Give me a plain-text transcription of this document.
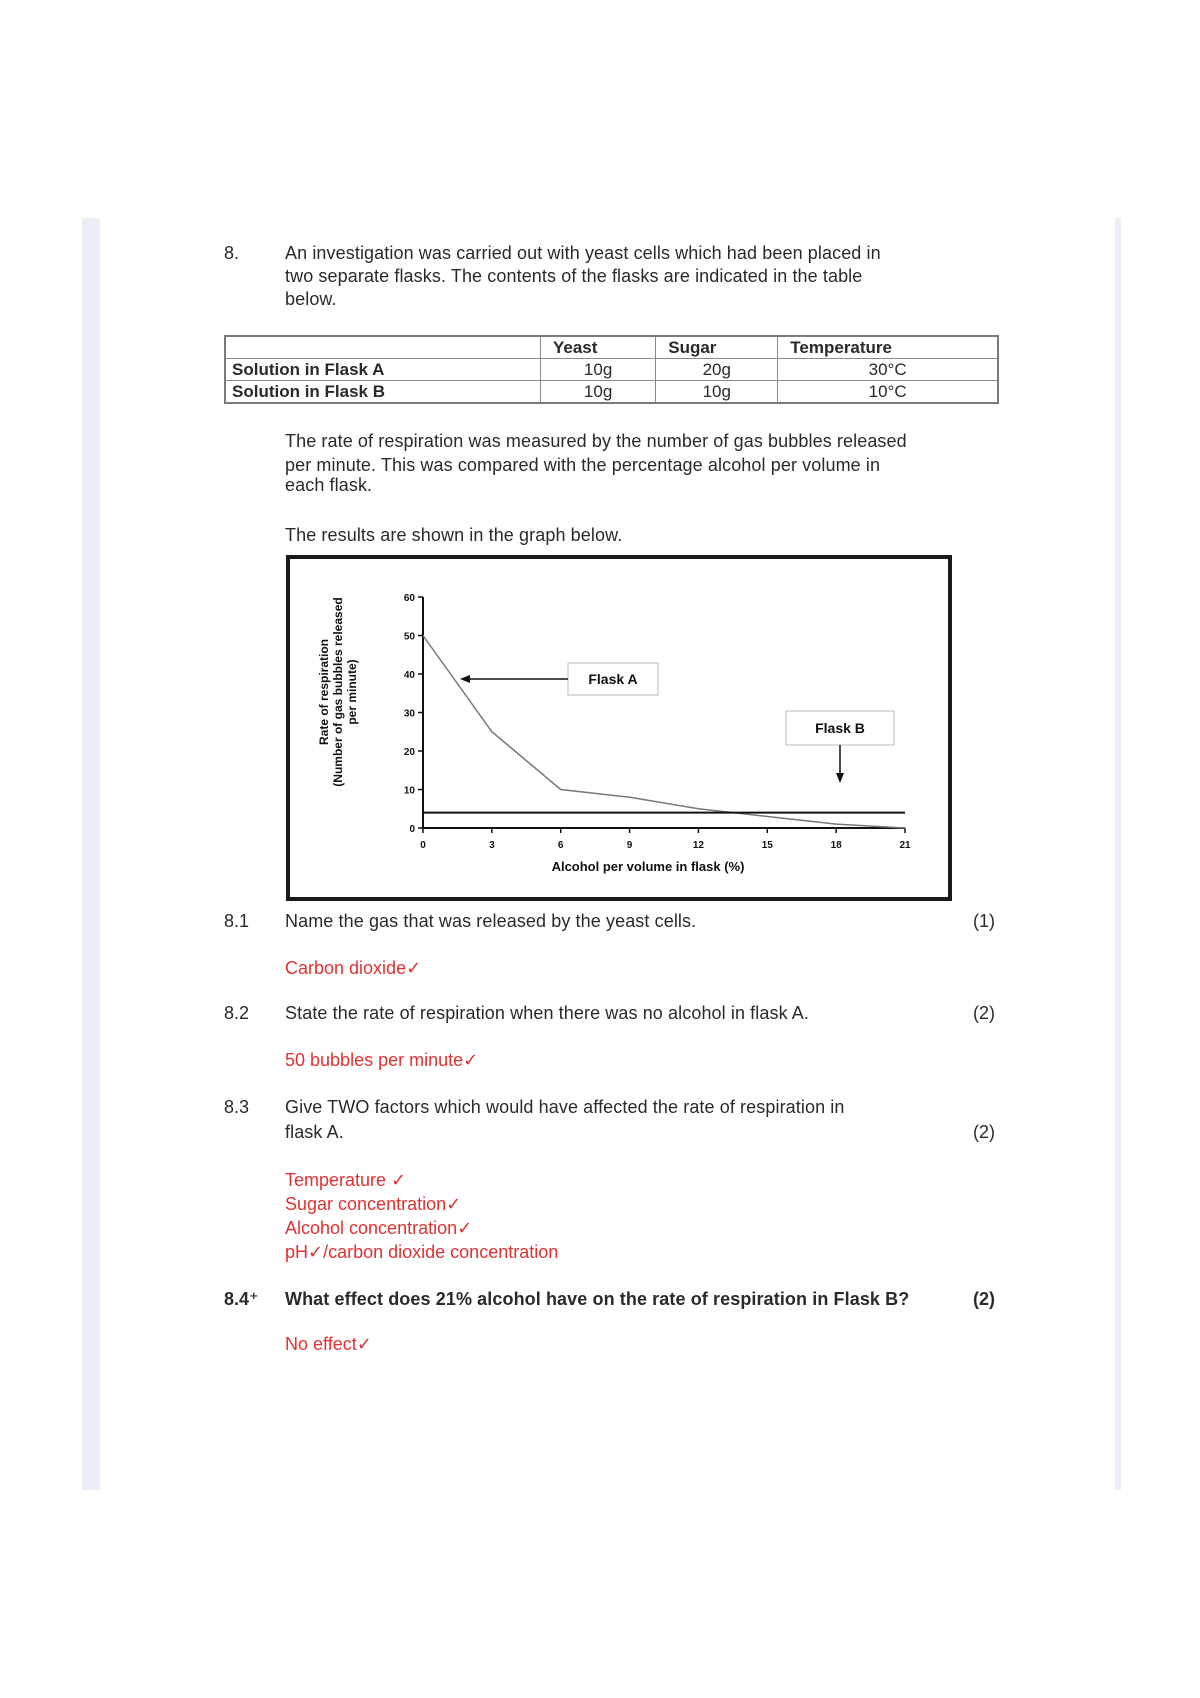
8.	An investigation was carried out with yeast cells which had been placed in
two separate flasks. The contents of the flasks are indicated in the table
below.
	Yeast	Sugar	Temperature
Solution in Flask A	10g	20g	30°C
Solution in Flask B	10g	10g	10°C
The rate of respiration was measured by the number of gas bubbles released
per minute. This was compared with the percentage alcohol per volume in
each flask.
The results are shown in the graph below.
Rate of respiration (Number of gas bubbles released per minute)
Alcohol per volume in flask (%)
Flask A
Flask B
0
10
20
30
40
50
60
0	3	6	9	12	15	18	21
8.1 Name the gas that was released by the yeast cells.	(1)
Carbon dioxide✓
8.2 State the rate of respiration when there was no alcohol in flask A.	(2)
50 bubbles per minute✓
8.3 Give TWO factors which would have affected the rate of respiration in
flask A.	(2)
Temperature ✓
Sugar concentration✓
Alcohol concentration✓
pH✓/carbon dioxide concentration
8.4⁺ What effect does 21% alcohol have on the rate of respiration in Flask B?	(2)
No effect✓
